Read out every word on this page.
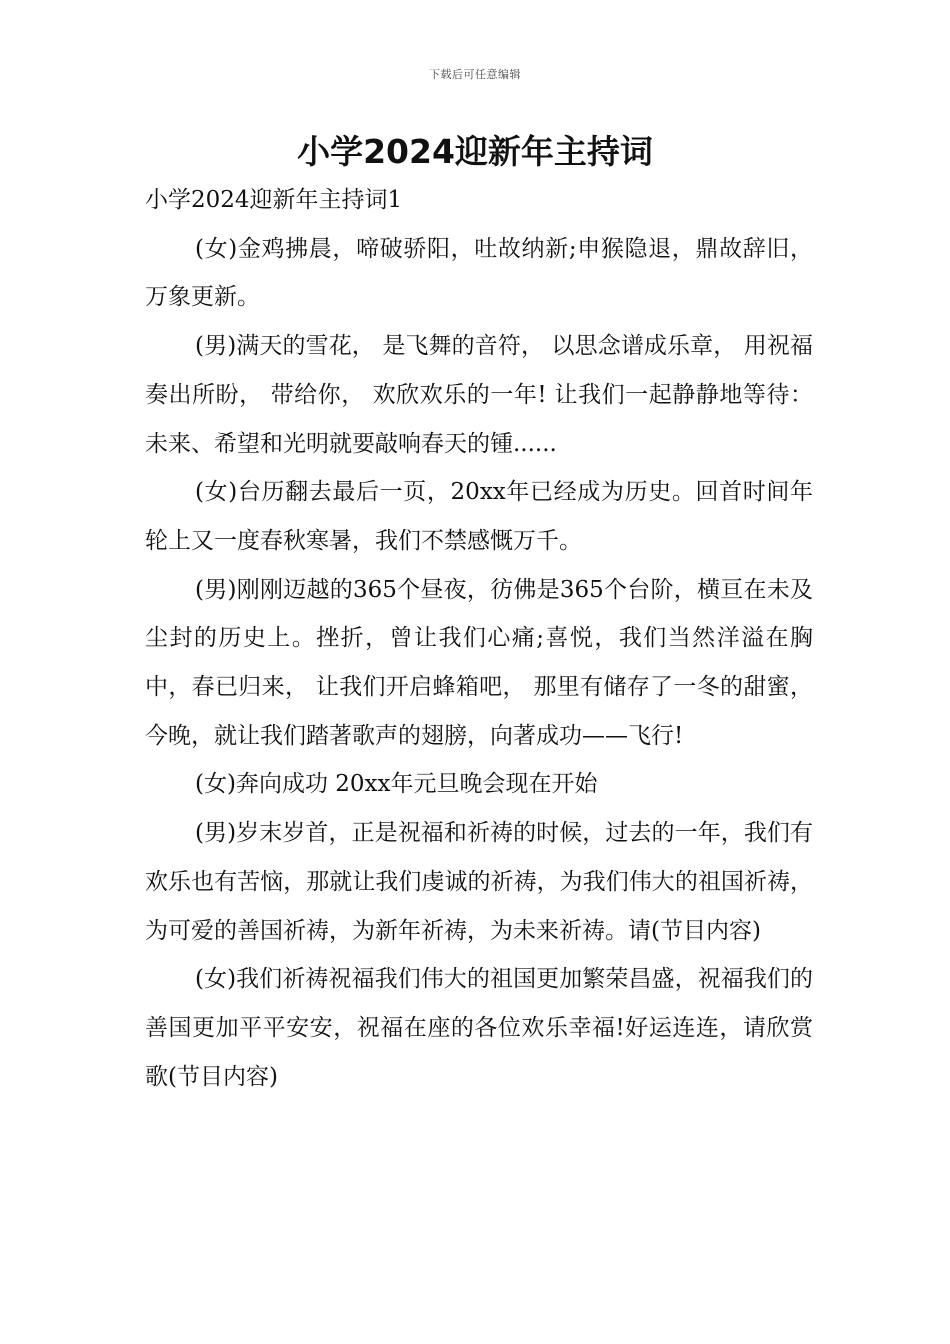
下载后可任意编辑
小学2024迎新年主持词

小学2024迎新年主持词1

(女)金鸡拂晨，啼破骄阳，吐故纳新;申猴隐退，鼎故辞旧，万象更新。

(男)满天的雪花， 是飞舞的音符， 以思念谱成乐章， 用祝福奏出所盼， 带给你， 欢欣欢乐的一年! 让我们一起静静地等待：未来、希望和光明就要敲响春天的锺......

(女)台历翻去最后一页，20xx年已经成为历史。回首时间年轮上又一度春秋寒暑，我们不禁感慨万千。

(男)刚刚迈越的365个昼夜，彷佛是365个台阶，横亘在未及尘封的历史上。挫折，曾让我们心痛;喜悦，我们当然洋溢在胸中，春已归来， 让我们开启蜂箱吧， 那里有储存了一冬的甜蜜， 今晚，就让我们踏著歌声的翅膀，向著成功——飞行!

(女)奔向成功 20xx年元旦晚会现在开始

(男)岁末岁首，正是祝福和祈祷的时候，过去的一年，我们有欢乐也有苦恼，那就让我们虔诚的祈祷，为我们伟大的祖国祈祷，为可爱的善国祈祷，为新年祈祷，为未来祈祷。请(节目内容)

(女)我们祈祷祝福我们伟大的祖国更加繁荣昌盛，祝福我们的善国更加平平安安，祝福在座的各位欢乐幸福!好运连连，请欣赏歌(节目内容)
